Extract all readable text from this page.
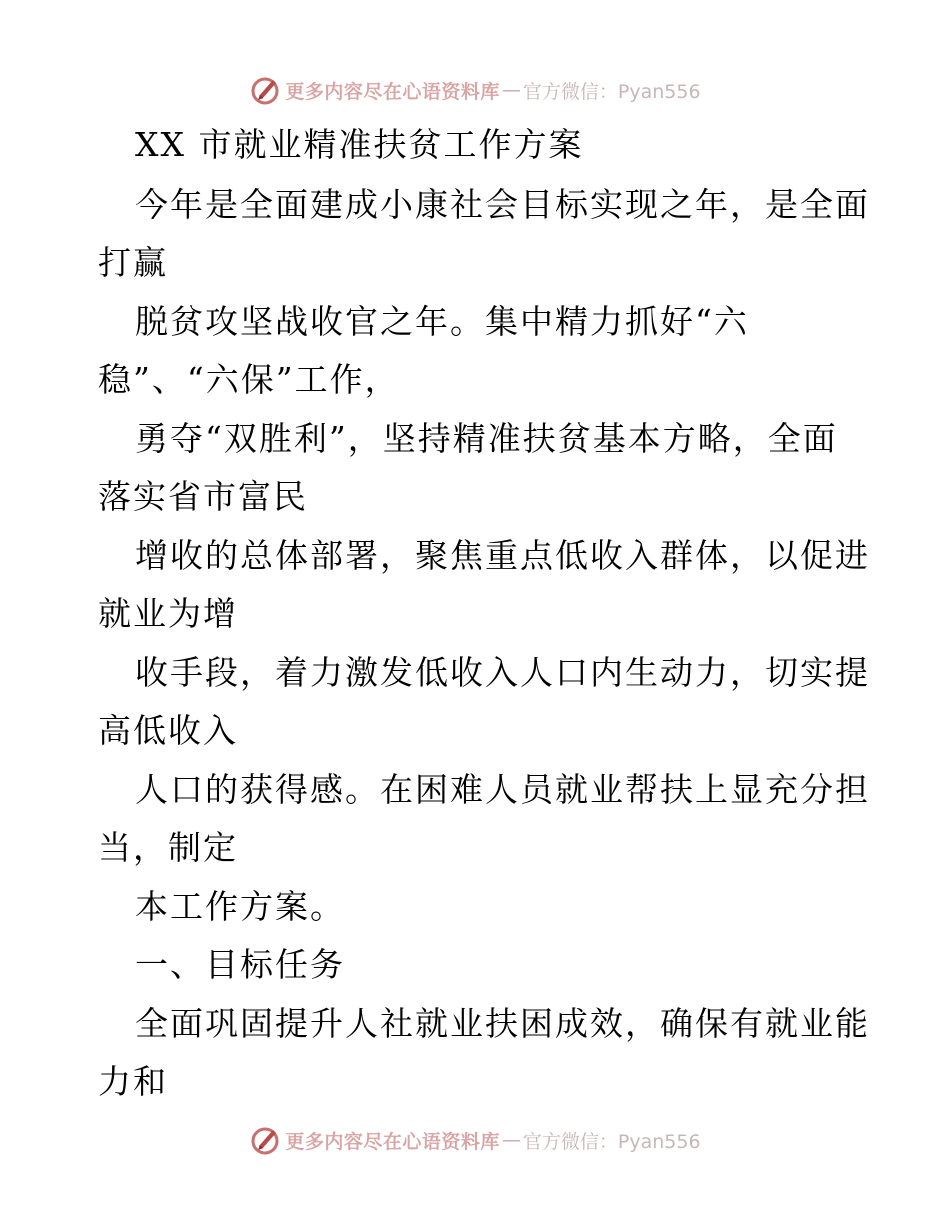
更多内容尽在心语资料库 — 官方微信：Pyan556
XX 市就业精准扶贫工作方案
今年是全面建成小康社会目标实现之年，是全面
打赢
脱贫攻坚战收官之年。集中精力抓好“六
稳”、“六保”工作，
勇夺“双胜利”，坚持精准扶贫基本方略，全面
落实省市富民
增收的总体部署，聚焦重点低收入群体，以促进
就业为增
收手段，着力激发低收入人口内生动力，切实提
高低收入
人口的获得感。在困难人员就业帮扶上显充分担
当，制定
本工作方案。
一、目标任务
全面巩固提升人社就业扶困成效，确保有就业能
力和
更多内容尽在心语资料库 — 官方微信：Pyan556
